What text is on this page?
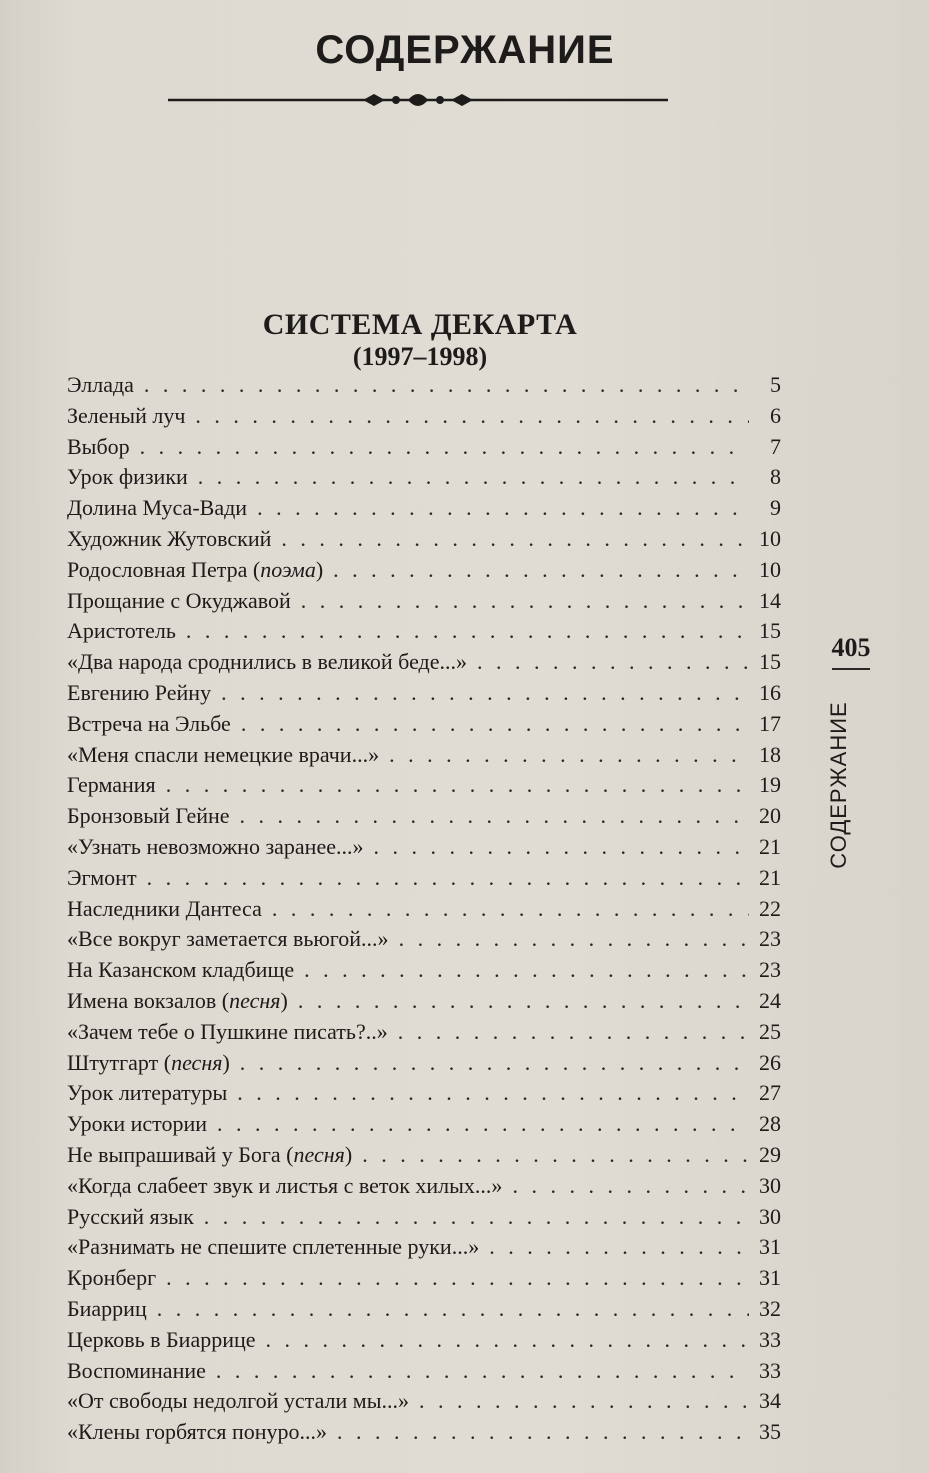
СОДЕРЖАНИЕ
СИСТЕМА ДЕКАРТА
(1997–1998)
Эллада . . .	5
Зеленый луч . . .	6
Выбор . . .	7
Урок физики . . .	8
Долина Муса-Вади . . .	9
Художник Жутовский . . .	10
Родословная Петра (поэма) . . .	10
Прощание с Окуджавой . . .	14
Аристотель . . .	15
«Два народа сроднились в великой беде...» . . .	15
Евгению Рейну . . .	16
Встреча на Эльбе . . .	17
«Меня спасли немецкие врачи...» . . .	18
Германия . . .	19
Бронзовый Гейне . . .	20
«Узнать невозможно заранее...» . . .	21
Эгмонт . . .	21
Наследники Дантеса . . .	22
«Все вокруг заметается вьюгой...» . . .	23
На Казанском кладбище . . .	23
Имена вокзалов (песня) . . .	24
«Зачем тебе о Пушкине писать?..» . . .	25
Штутгарт (песня) . . .	26
Урок литературы . . .	27
Уроки истории . . .	28
Не выпрашивай у Бога (песня) . . .	29
«Когда слабеет звук и листья с веток хилых...» . . .	30
Русский язык . . .	30
«Разнимать не спешите сплетенные руки...» . . .	31
Кронберг . . .	31
Биарриц . . .	32
Церковь в Биаррице . . .	33
Воспоминание . . .	33
«От свободы недолгой устали мы...» . . .	34
«Клены горбятся понуро...» . . .	35
405
СОДЕРЖАНИЕ
